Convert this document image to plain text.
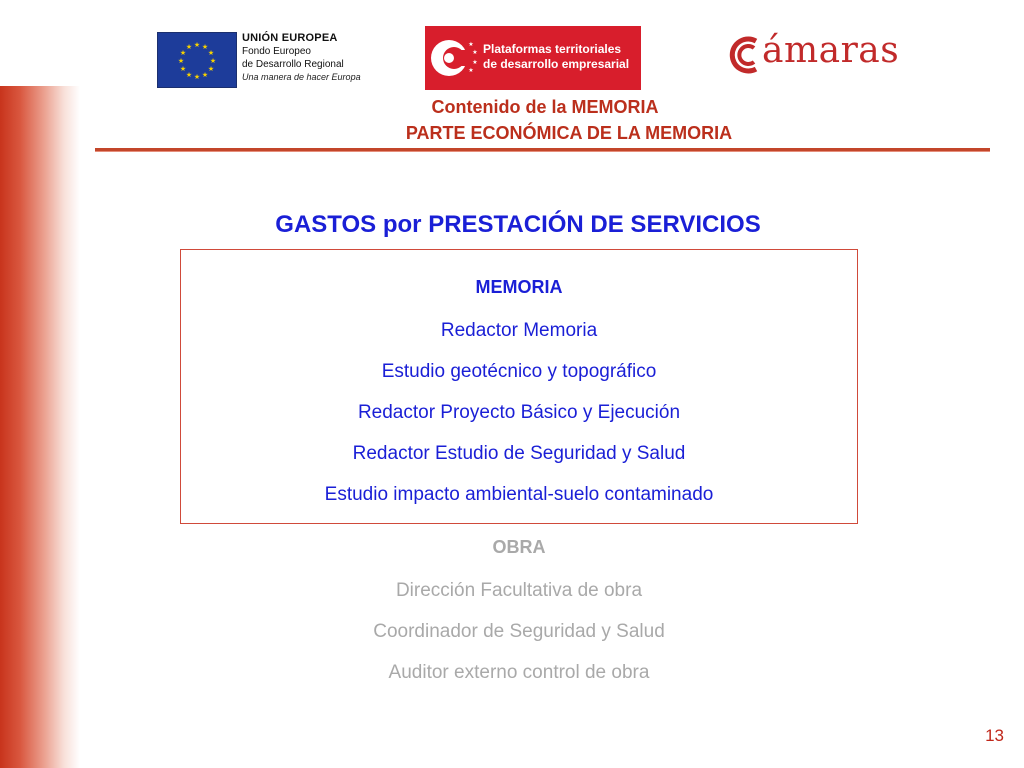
★ ★
★
★
★
★
★
★
★
★
★
★
UNIÓN EUROPEA
Fondo Europeo
de Desarrollo Regional
Una manera de hacer Europa
★
★
★
★
Plataformas territoriales
de desarrollo empresarial	ámaras
Contenido de la MEMORIA
PARTE ECONÓMICA DE LA MEMORIA
GASTOS por PRESTACIÓN DE SERVICIOS
MEMORIA
Redactor Memoria
Estudio geotécnico y topográfico
Redactor Proyecto Básico y Ejecución
Redactor Estudio de Seguridad y Salud
Estudio impacto ambiental-suelo contaminado
OBRA
Dirección Facultativa de obra
Coordinador de Seguridad y Salud
Auditor externo control de obra
13
